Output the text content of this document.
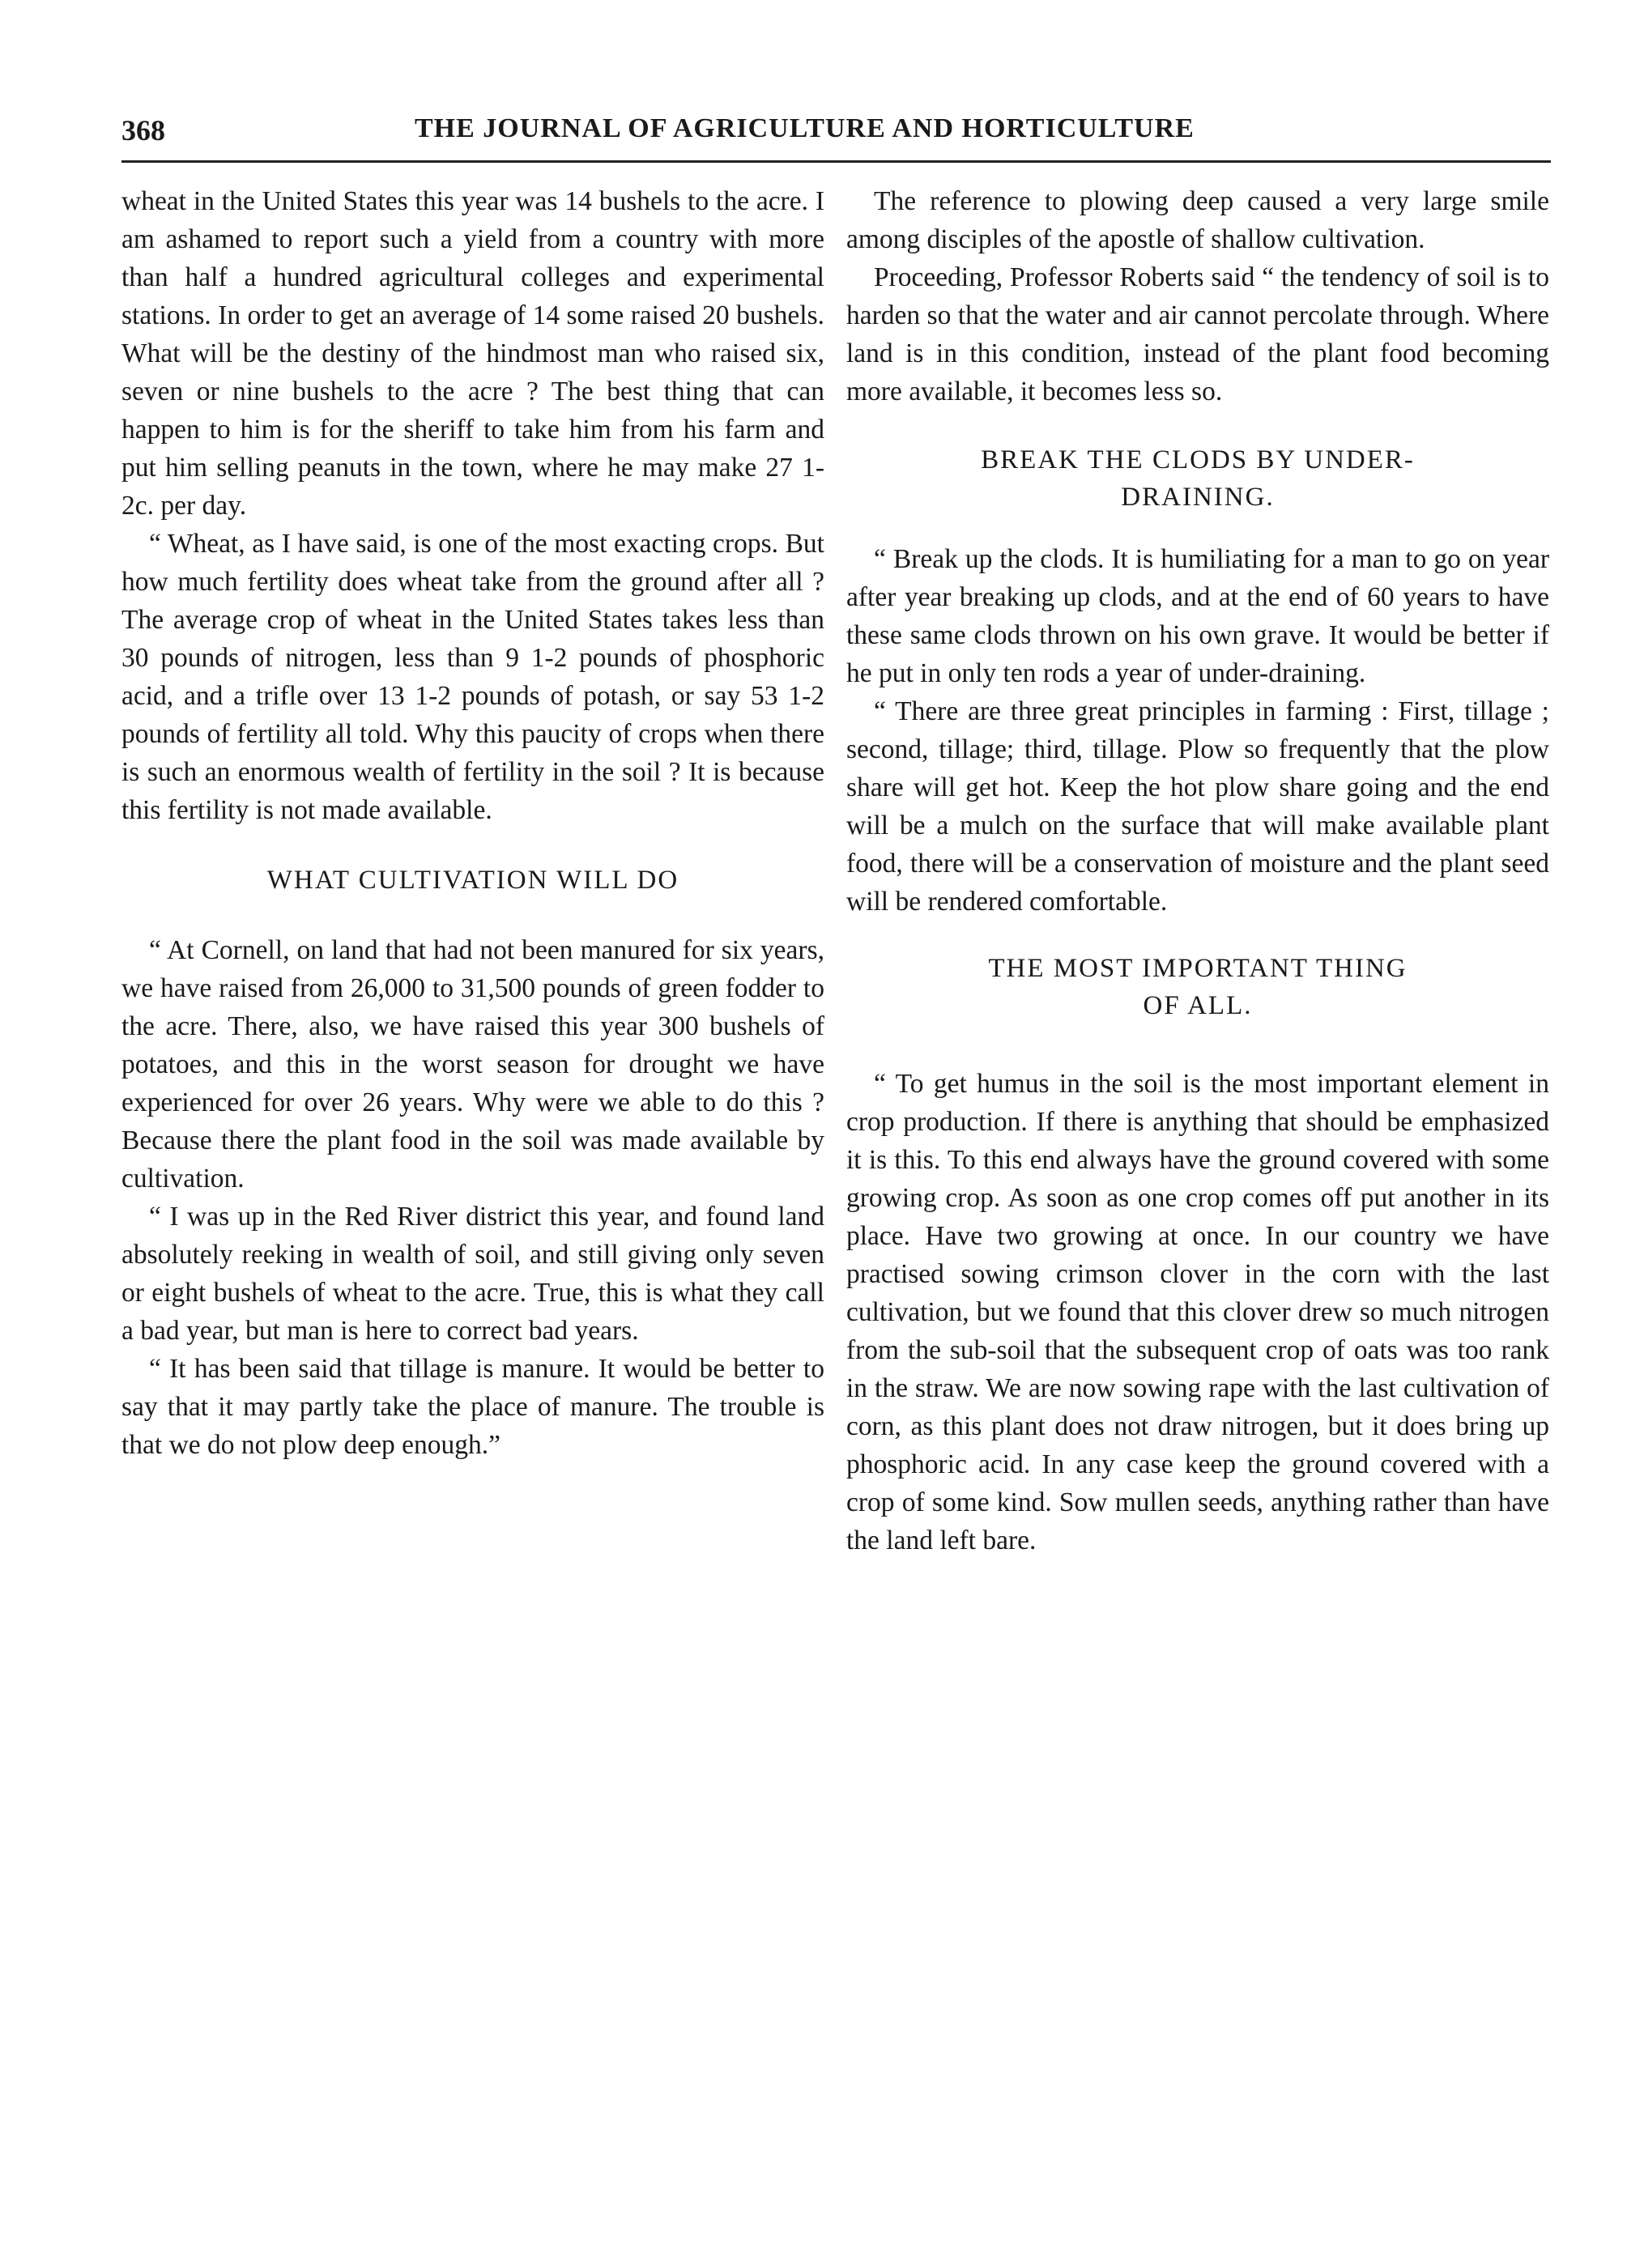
368	THE JOURNAL OF AGRICULTURE AND HORTICULTURE

wheat in the United States this year was 14 bushels to the acre. I am ashamed to report such a yield from a country with more than half a hundred agricultural colleges and experimental stations. In order to get an average of 14 some raised 20 bushels. What will be the destiny of the hindmost man who raised six, seven or nine bushels to the acre ? The best thing that can happen to him is for the sheriff to take him from his farm and put him selling peanuts in the town, where he may make 27 1-2c. per day.

“ Wheat, as I have said, is one of the most exacting crops. But how much fertility does wheat take from the ground after all ? The average crop of wheat in the United States takes less than 30 pounds of nitrogen, less than 9 1-2 pounds of phosphoric acid, and a trifle over 13 1-2 pounds of potash, or say 53 1-2 pounds of fertility all told. Why this paucity of crops when there is such an enormous wealth of fertility in the soil ? It is because this fertility is not made available.

WHAT CULTIVATION WILL DO

“ At Cornell, on land that had not been manured for six years, we have raised from 26,000 to 31,500 pounds of green fodder to the acre. There, also, we have raised this year 300 bushels of potatoes, and this in the worst season for drought we have experienced for over 26 years. Why were we able to do this ? Because there the plant food in the soil was made available by cultivation.

“ I was up in the Red River district this year, and found land absolutely reeking in wealth of soil, and still giving only seven or eight bushels of wheat to the acre. True, this is what they call a bad year, but man is here to correct bad years.

“ It has been said that tillage is manure. It would be better to say that it may partly take the place of manure. The trouble is that we do not plow deep enough.”

The reference to plowing deep caused a very large smile among disciples of the apostle of shallow cultivation.

Proceeding, Professor Roberts said “ the tendency of soil is to harden so that the water and air cannot percolate through. Where land is in this condition, instead of the plant food becoming more available, it becomes less so.

BREAK THE CLODS BY UNDER-

DRAINING.

“ Break up the clods. It is humiliating for a man to go on year after year breaking up clods, and at the end of 60 years to have these same clods thrown on his own grave. It would be better if he put in only ten rods a year of under-draining.

“ There are three great principles in farming : First, tillage ; second, tillage; third, tillage. Plow so frequently that the plow share will get hot. Keep the hot plow share going and the end will be a mulch on the surface that will make available plant food, there will be a conservation of moisture and the plant seed will be rendered comfortable.

THE MOST IMPORTANT THING

OF ALL.

“ To get humus in the soil is the most important element in crop production. If there is anything that should be emphasized it is this. To this end always have the ground covered with some growing crop. As soon as one crop comes off put another in its place. Have two growing at once. In our country we have practised sowing crimson clover in the corn with the last cultivation, but we found that this clover drew so much nitrogen from the sub-soil that the subsequent crop of oats was too rank in the straw. We are now sowing rape with the last cultivation of corn, as this plant does not draw nitrogen, but it does bring up phosphoric acid. In any case keep the ground covered with a crop of some kind. Sow mullen seeds, anything rather than have the land left bare.
